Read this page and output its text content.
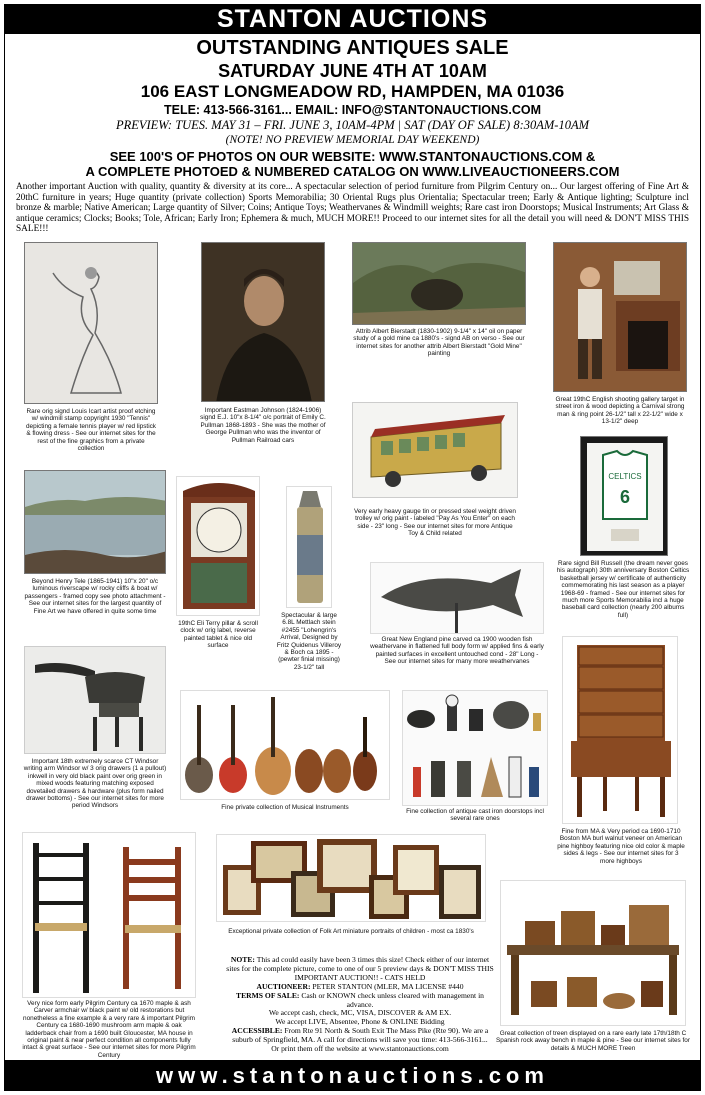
STANTON AUCTIONS
OUTSTANDING ANTIQUES SALE
SATURDAY JUNE 4TH AT 10AM
106 EAST LONGMEADOW RD, HAMPDEN, MA 01036
TELE: 413-566-3161... EMAIL: INFO@STANTONAUCTIONS.COM
PREVIEW: TUES. MAY 31 – FRI. JUNE 3, 10AM-4PM | SAT (DAY OF SALE) 8:30AM-10AM
(NOTE! NO PREVIEW MEMORIAL DAY WEEKEND)
SEE 100'S OF PHOTOS ON OUR WEBSITE: WWW.STANTONAUCTIONS.COM &
A COMPLETE PHOTOED & NUMBERED CATALOG ON WWW.LIVEAUCTIONEERS.COM
Another important Auction with quality, quantity & diversity at its core... A spectacular selection of period furniture from Pilgrim Century on... Our largest offering of Fine Art & 20thC furniture in years; Huge quantity (private collection) Sports Memorabilia; 30 Oriental Rugs plus Orientalia; Spectacular treen; Early & Antique lighting; Sculpture incl bronze & marble; Native American; Large quantity of Silver; Coins; Antique Toys; Weathervanes & Windmill weights; Rare cast iron Doorstops; Musical Instruments; Art Glass & antique ceramics; Clocks; Books; Tole, African; Early Iron; Ephemera & much, MUCH MORE!! Proceed to our internet sites for all the detail you will need & DON'T MISS THIS SALE!!!
Rare orig signd Louis Icart artist proof etching w/ windmill stamp copyright 1930 "Tennis" depicting a female tennis player w/ red lipstick & flowing dress - See our internet sites for the rest of the fine graphics from a private collection
Important Eastman Johnson (1824-1906) signd E.J. 10"x 8-1/4" o/c portrait of Emily C. Pullman 1868-1893 - She was the mother of George Pullman who was the inventor of Pullman Railroad cars
Attrib Albert Bierstadt (1830-1902) 9-1/4" x 14" oil on paper study of a gold mine ca 1880's - signd AB on verso - See our internet sites for another attrib Albert Bierstadt "Gold Mine" painting
Great 19thC English shooting gallery target in street iron & wood depicting a Carnival strong man & ring point 26-1/2" tall x 22-1/2" wide x 13-1/2" deep
Very early heavy gauge tin or pressed steel weight driven trolley w/ orig paint - labeled "Pay As You Enter" on each side - 23" long - See our internet sites for more Antique Toy & Child related
Beyond Henry Tele (1865-1941) 10"x 20" o/c luminous riverscape w/ rocky cliffs & boat w/ passengers - framed copy see photo attachment - See our internet sites for the largest quantity of Fine Art we have offered in quite some time
19thC Eli Terry pillar & scroll clock w/ orig label, reverse painted tablet & nice old surface
Spectacular & large 6.8L Mettlach stein #2455 "Lohengrin's Arrival, Designed by Fritz Quidenus Villeroy & Boch ca 1895 - (pewter finial missing) 23-1/2" tall
Great New England pine carved ca 1900 wooden fish weathervane in flattened full body form w/ applied fins & early painted surfaces in excellent untouched cond - 28" Long - See our internet sites for many more weathervanes
CELTICS
6
Rare signd Bill Russell (the dream never goes his autograph) 30th anniversary Boston Celtics basketball jersey w/ certificate of authenticity commemorating his last season as a player 1968-69 - framed - See our internet sites for much more Sports Memorabilia incl a huge baseball card collection (nearly 200 albums full)
Important 18th extremely scarce CT Windsor writing arm Windsor w/ 3 orig drawers (1 a pullout) inkwell in very old black paint over orig green in mixed woods featuring matching exposed dovetailed drawers & hardware (plus form nailed drawer bottoms) - See our internet sites for more period Windsors	Fine private collection of Musical Instruments
Fine collection of antique cast iron doorstops incl several rare ones
Fine from MA & Very period ca 1690-1710 Boston MA burl walnut veneer on American pine highboy featuring nice old color & maple sides & legs - See our internet sites for 3 more highboys
Very nice form early Pilgrim Century ca 1670 maple & ash Carver armchair w/ black paint w/ old restorations but nonetheless a fine example & a very rare & important Pilgrim Century ca 1680-1690 mushroom arm maple & oak ladderback chair from a 1690 built Gloucester, MA house in original paint & near perfect condition all components fully intact & great surface - See our internet sites for more Pilgrim Century
Exceptional private collection of Folk Art miniature portraits of children - most ca 1830's
Great collection of treen displayed on a rare early late 17th/18th C Spanish rock away bench in maple & pine - See our internet sites for details & MUCH MORE Treen
NOTE: This ad could easily have been 3 times this size! Check either of our internet sites for the complete picture, come to one of our 5 preview days & DON'T MISS THIS IMPORTANT AUCTION!! - CATS HELD
AUCTIONEER: PETER STANTON (MLER, MA LICENSE #440
TERMS OF SALE: Cash or KNOWN check unless cleared with management in advance.
We accept cash, check, MC, VISA, DISCOVER & AM EX.
We accept LIVE, Absentee, Phone & ONLINE Bidding
ACCESSIBLE: From Rte 91 North & South Exit The Mass Pike (Rte 90). We are a suburb of Springfield, MA. A call for directions will save you time: 413-566-3161...
Or print them off the website at www.stantonauctions.com
www.stantonauctions.com
